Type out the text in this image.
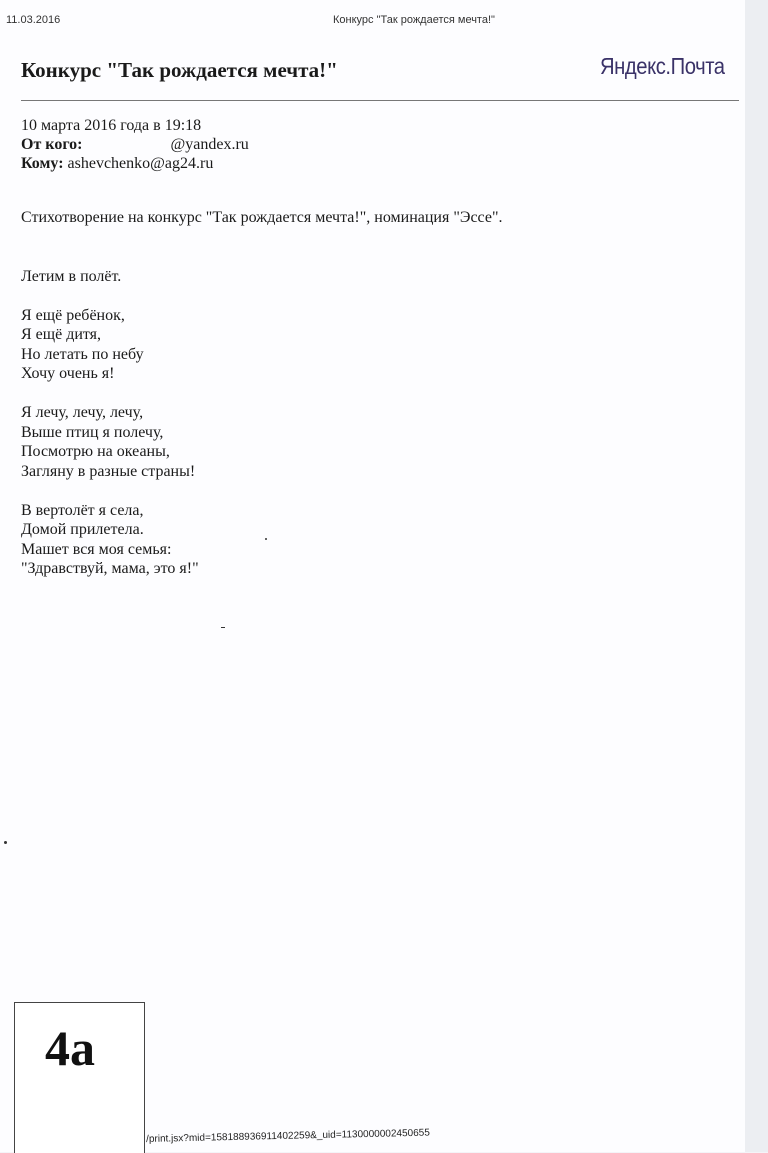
11.03.2016	Конкурс "Так рождается мечта!"
Конкурс "Так рождается мечта!"	Яндекс.Почта
10 марта 2016 года в 19:18
От кого:	@yandex.ru
Кому: ashevchenko@ag24.ru
Стихотворение на конкурс "Так рождается мечта!", номинация "Эссе".
Летим в полёт.
Я ещё ребёнок,
Я ещё дитя,
Но летать по небу
Хочу очень я!
Я лечу, лечу, лечу,
Выше птиц я полечу,
Посмотрю на океаны,
Загляну в разные страны!
В вертолёт я села,
Домой прилетела.
Машет вся моя семья:
"Здравствуй, мама, это я!"
4а
/print.jsx?mid=158188936911402259&_uid=1130000002450655
